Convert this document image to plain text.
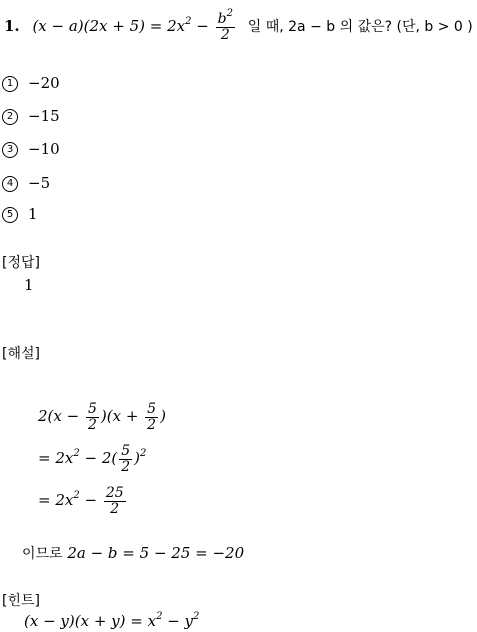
1. $(x - a)(2x + 5) = 2x^2 - \frac{b^2}{2}$ 일 때, 2a − b 의 값은? (단, b > 0 )
1 −20
2 −15
3 −10
4 −5
5 1
[정답]
1
[해설]
$2(x - \frac{5}{2} )(x + \frac{5}{2}$ )
= $2x^2 - 2( \frac{5}{2} )^2$
= $2x^2 - \frac{25}{2}$
이므로 2a − b = 5 − 25 = −20
[힌트]
$(x - y)(x + y) = x^2 - y^2$
